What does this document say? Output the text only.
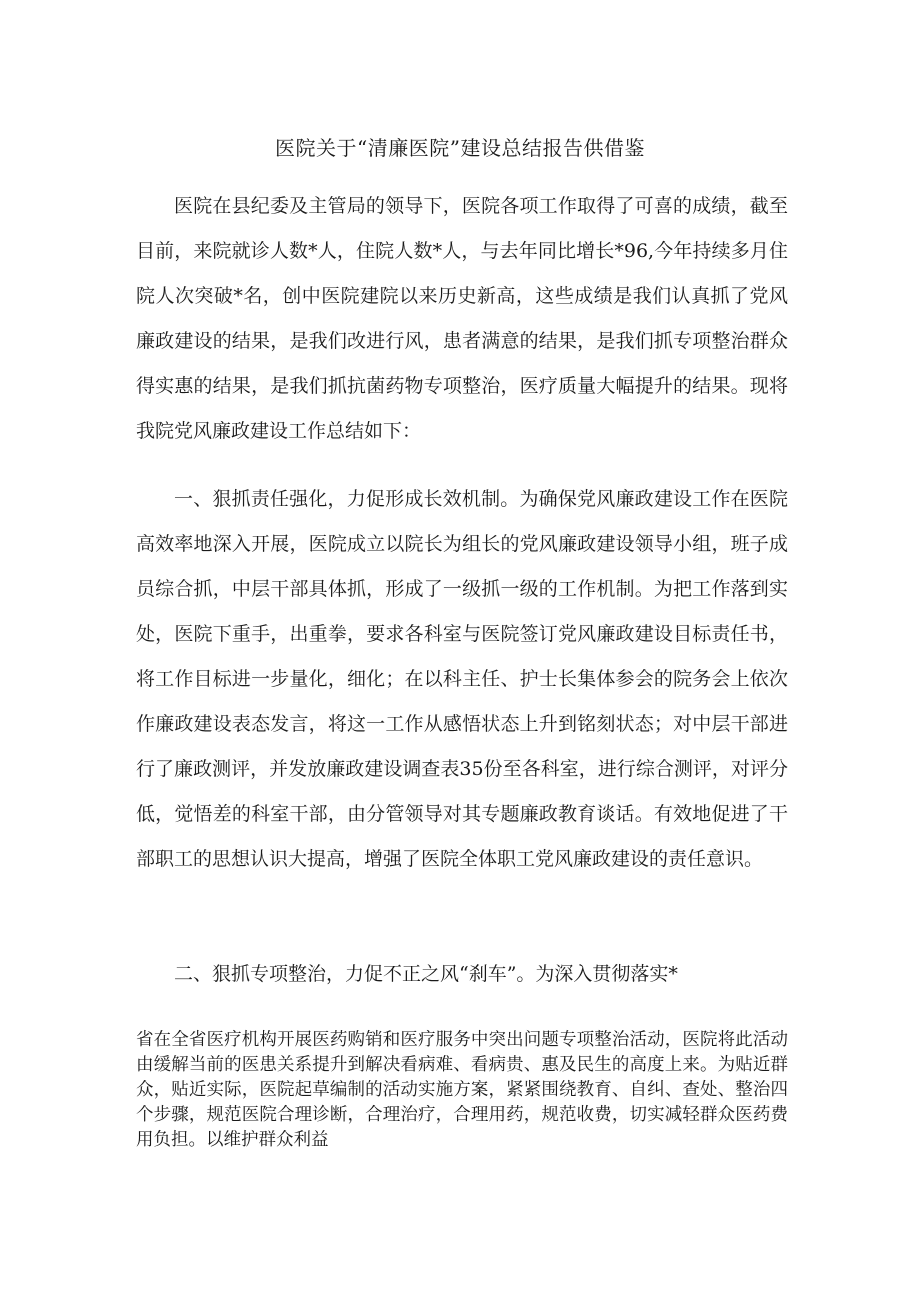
医院关于“清廉医院”建设总结报告供借鉴

医院在县纪委及主管局的领导下，医院各项工作取得了可喜的成绩，截至目前，来院就诊人数*人，住院人数*人，与去年同比增长*96,今年持续多月住院人次突破*名，创中医院建院以来历史新高，这些成绩是我们认真抓了党风廉政建设的结果，是我们改进行风，患者满意的结果，是我们抓专项整治群众得实惠的结果，是我们抓抗菌药物专项整治，医疗质量大幅提升的结果。现将我院党风廉政建设工作总结如下：

一、狠抓责任强化，力促形成长效机制。为确保党风廉政建设工作在医院高效率地深入开展，医院成立以院长为组长的党风廉政建设领导小组，班子成员综合抓，中层干部具体抓，形成了一级抓一级的工作机制。为把工作落到实处，医院下重手，出重拳，要求各科室与医院签订党风廉政建设目标责任书，将工作目标进一步量化，细化；在以科主任、护士长集体参会的院务会上依次作廉政建设表态发言，将这一工作从感悟状态上升到铭刻状态；对中层干部进行了廉政测评，并发放廉政建设调查表35份至各科室，进行综合测评，对评分低，觉悟差的科室干部，由分管领导对其专题廉政教育谈话。有效地促进了干部职工的思想认识大提高，增强了医院全体职工党风廉政建设的责任意识。

二、狠抓专项整治，力促不正之风“刹车”。为深入贯彻落实*

省在全省医疗机构开展医药购销和医疗服务中突出问题专项整治活动，医院将此活动由缓解当前的医患关系提升到解决看病难、看病贵、惠及民生的高度上来。为贴近群众，贴近实际，医院起草编制的活动实施方案，紧紧围绕教育、自纠、查处、整治四个步骤，规范医院合理诊断，合理治疗，合理用药，规范收费，切实减轻群众医药费用负担。以维护群众利益
